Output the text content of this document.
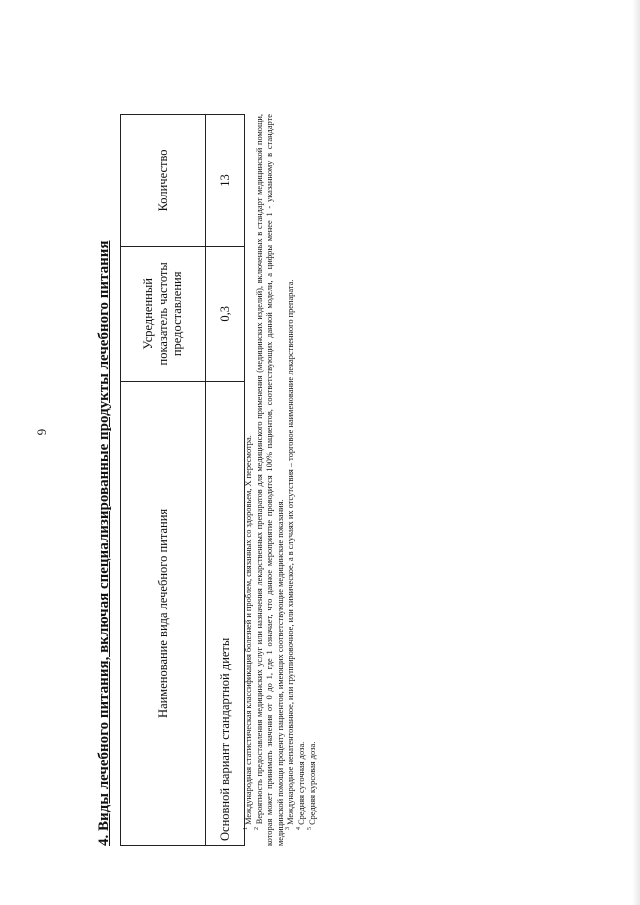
6	4. Виды лечебного питания, включая специализированные продукты лечебного питания	Наименование вида лечебного питания	Усредненный показатель частоты предоставления	Количество
Основной вариант стандартной диеты	0,3	13

$^1$ Международная статистическая классификация болезней и проблем, связанных со здоровьем, X пересмотра.

$^2$ Вероятность предоставления медицинских услуг или назначения лекарственных препаратов для медицинского применения (медицинских изделий), включенных в стандарт медицинской помощи, которая может принимать значения от 0 до 1, где 1 означает, что данное мероприятие проводится 100% пациентов, соответствующих данной модели, а цифры менее 1 - указанному в стандарте медицинской помощи проценту пациентов, имеющих соответствующие медицинские показания. $^3$ Международное непатентованное, или группировочное, или химическое, а в случаях их отсутствия – торговое наименование лекарственного препарата.

$^4$ Средняя суточная доза.

$^5$ Средняя курсовая доза.
